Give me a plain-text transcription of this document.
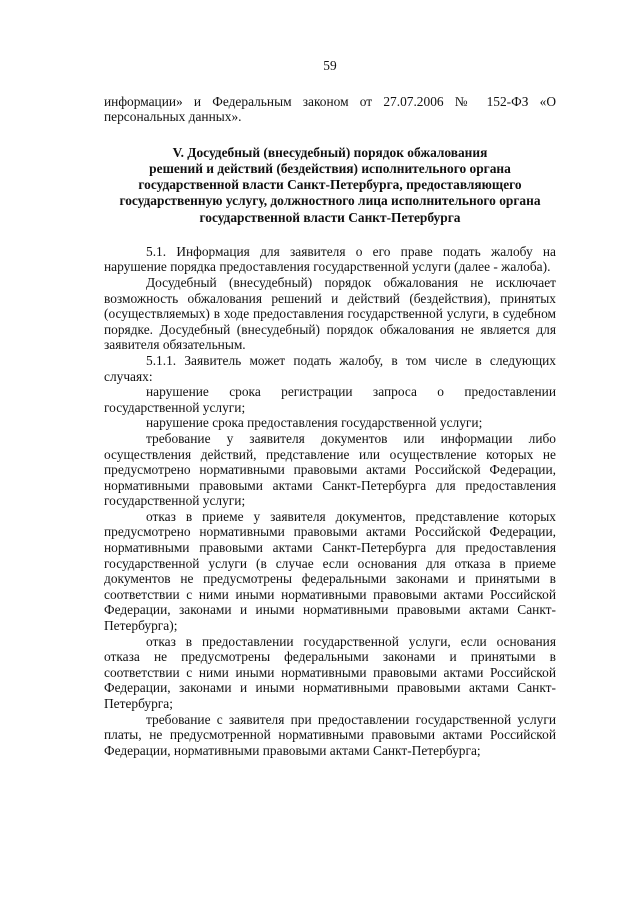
59

информации» и Федеральным законом от 27.07.2006 № 152-ФЗ «О персональных данных».

V. Досудебный (внесудебный) порядок обжалования
решений и действий (бездействия) исполнительного органа
государственной власти Санкт-Петербурга, предоставляющего
государственную услугу, должностного лица исполнительного органа
государственной власти Санкт-Петербурга

5.1. Информация для заявителя о его праве подать жалобу на нарушение порядка предоставления государственной услуги (далее - жалоба).

Досудебный (внесудебный) порядок обжалования не исключает возможность обжалования решений и действий (бездействия), принятых (осуществляемых) в ходе предоставления государственной услуги, в судебном порядке. Досудебный (внесудебный) порядок обжалования не является для заявителя обязательным.

5.1.1. Заявитель может подать жалобу, в том числе в следующих случаях:

нарушение срока регистрации запроса о предоставлении государственной услуги;

нарушение срока предоставления государственной услуги;

требование у заявителя документов или информации либо осуществления действий, представление или осуществление которых не предусмотрено нормативными правовыми актами Российской Федерации, нормативными правовыми актами Санкт-Петербурга для предоставления государственной услуги;

отказ в приеме у заявителя документов, представление которых предусмотрено нормативными правовыми актами Российской Федерации, нормативными правовыми актами Санкт-Петербурга для предоставления государственной услуги (в случае если основания для отказа в приеме документов не предусмотрены федеральными законами и принятыми в соответствии с ними иными нормативными правовыми актами Российской Федерации, законами и иными нормативными правовыми актами Санкт-Петербурга);

отказ в предоставлении государственной услуги, если основания отказа не предусмотрены федеральными законами и принятыми в соответствии с ними иными нормативными правовыми актами Российской Федерации, законами и иными нормативными правовыми актами Санкт-Петербурга;

требование с заявителя при предоставлении государственной услуги платы, не предусмотренной нормативными правовыми актами Российской Федерации, нормативными правовыми актами Санкт-Петербурга;
